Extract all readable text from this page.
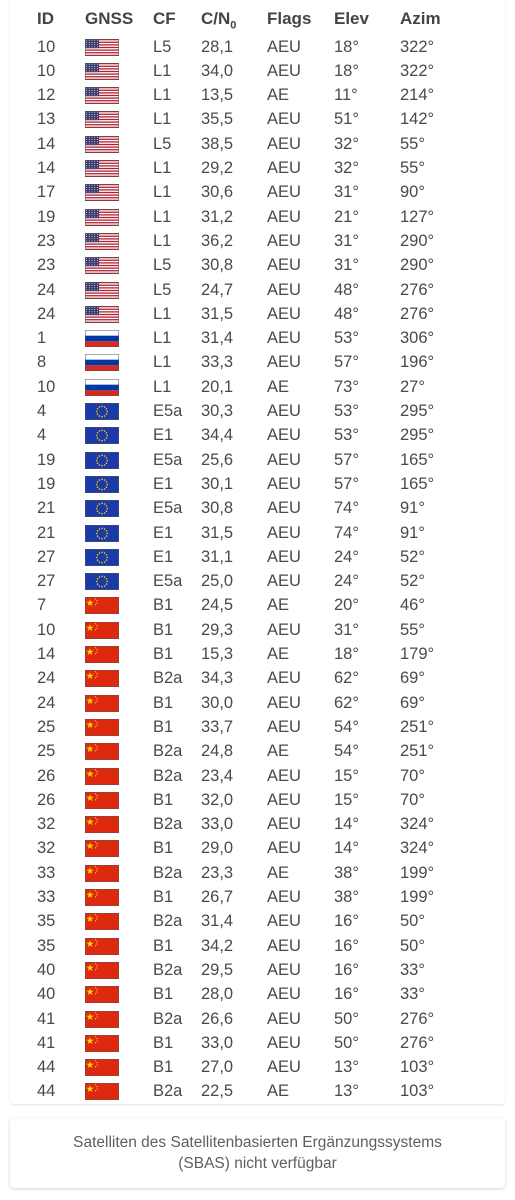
ID GNSS CF $C/N_0$ Flags Elev Azim
10	L5 28,1 AEU 18° 322°
10	L1 34,0 AEU 18° 322°
12	L1 13,5 AE	11°	214°
13	L1 35,5 AEU 51° 142°
14	L5 38,5 AEU 32° 55°
14	L1 29,2 AEU 32° 55°
17	L1 30,6 AEU 31° 90°
19	L1 31,2 AEU 21° 127°
23	L1 36,2 AEU 31° 290°
23	L5 30,8 AEU 31° 290°
24	L5 24,7 AEU 48° 276°
24	L1 31,5 AEU 48° 276°
1	L1 31,4 AEU 53° 306°
8	L1 33,3 AEU 57° 196°
10	L1 20,1 AE	73° 27°
4	E5a 30,3 AEU 53° 295°
4	E1 34,4 AEU 53° 295°
19	E5a 25,6 AEU 57° 165°
19	E1 30,1 AEU 57° 165°
21	E5a 30,8 AEU 74° 91°
21	E1 31,5 AEU 74° 91°
27	E1 31,1 AEU 24° 52°
27	E5a 25,0 AEU 24° 52°
7	B1 24,5 AE	20° 46°
10	B1 29,3 AEU 31° 55°
14	B1 15,3 AE	18° 179°
24	B2a 34,3 AEU 62° 69°
24	B1 30,0 AEU 62° 69°
25	B1 33,7 AEU 54° 251°
25	B2a 24,8 AE	54° 251°
26	B2a 23,4 AEU 15° 70°
26	B1 32,0 AEU 15° 70°
32	B2a 33,0 AEU 14° 324°
32	B1 29,0 AEU 14° 324°
33	B2a 23,3 AE	38° 199°
33	B1 26,7 AEU 38° 199°
35	B2a 31,4 AEU 16° 50°
35	B1 34,2 AEU 16° 50°
40	B2a 29,5 AEU 16° 33°
40	B1 28,0 AEU 16° 33°
41	B2a 26,6 AEU 50° 276°
41	B1 33,0 AEU 50° 276°
44	B1 27,0 AEU 13° 103°
44	B2a 22,5 AE	13° 103°
Satelliten des Satellitenbasierten Ergänzungssystems
(SBAS) nicht verfügbar
